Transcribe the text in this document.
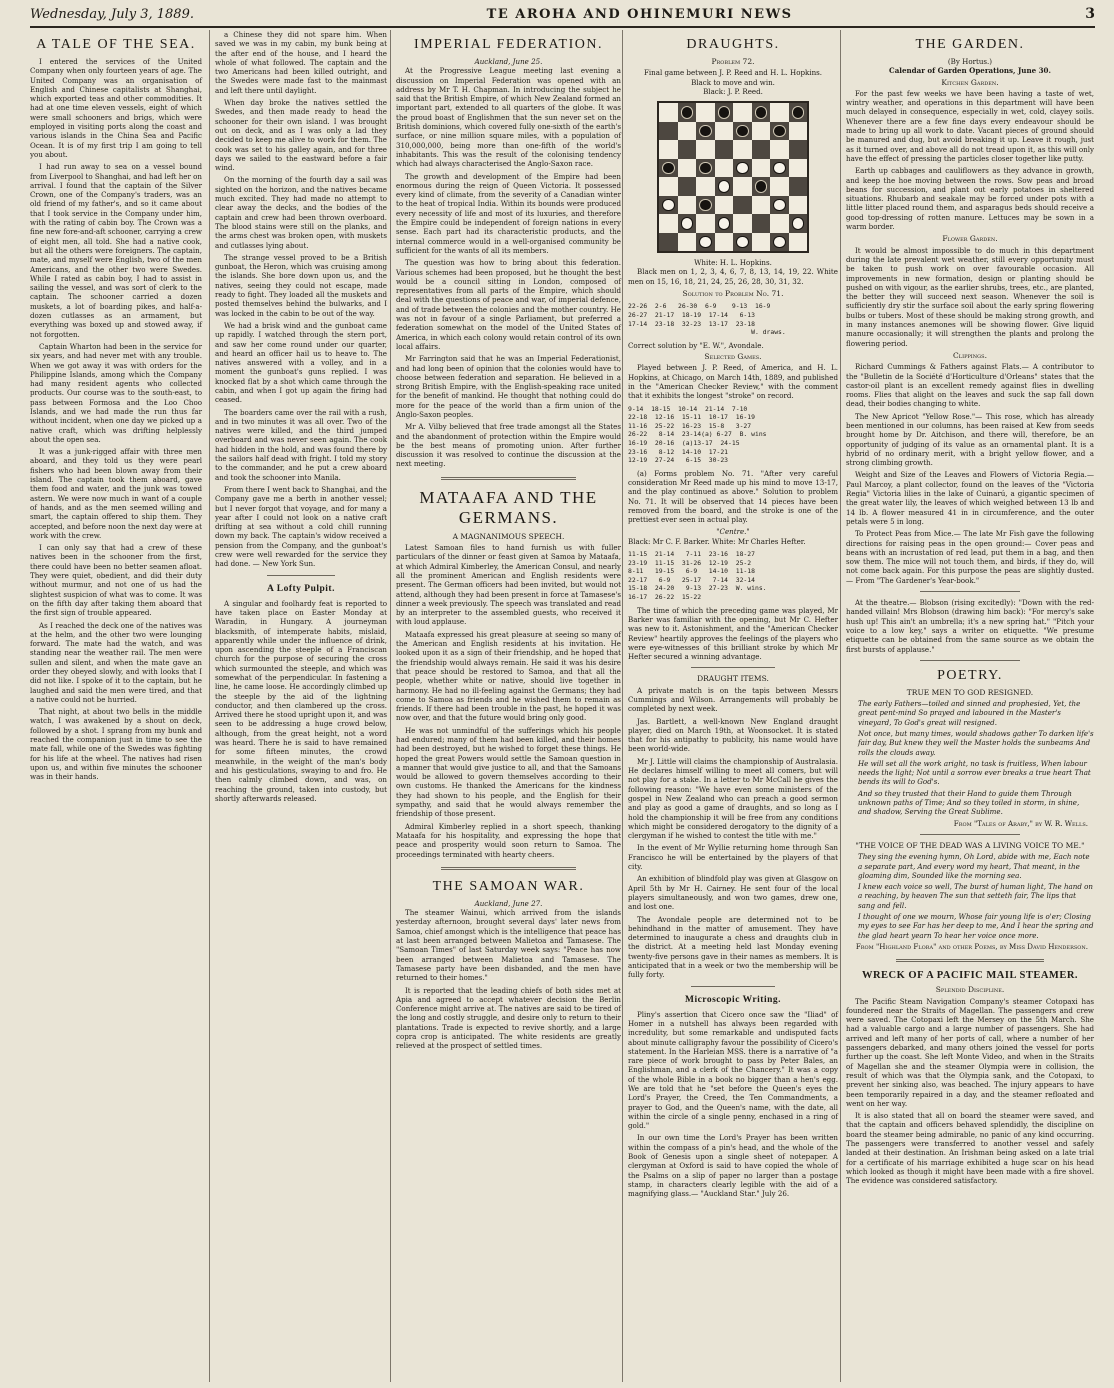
Wednesday, July 3, 1889.	TE AROHA AND OHINEMURI NEWS	3
A TALE OF THE SEA.

I entered the services of the United Company when only fourteen years of age. The United Company was an organisation of English and Chinese capitalists at Shanghai, which exported teas and other commodities. It had at one time eleven vessels, eight of which were small schooners and brigs, which were employed in visiting ports along the coast and various islands in the China Sea and Pacific Ocean. It is of my first trip I am going to tell you about.

I had run away to sea on a vessel bound from Liverpool to Shanghai, and had left her on arrival. I found that the captain of the Silver Crown, one of the Company's traders, was an old friend of my father's, and so it came about that I took service in the Company under him, with the rating of cabin boy. The Crown was a fine new fore-and-aft schooner, carrying a crew of eight men, all told. She had a native cook, but all the others were foreigners. The captain, mate, and myself were English, two of the men Americans, and the other two were Swedes. While I rated as cabin boy, I had to assist in sailing the vessel, and was sort of clerk to the captain. The schooner carried a dozen muskets, a lot of boarding pikes, and half-a-dozen cutlasses as an armament, but everything was boxed up and stowed away, if not forgotten.

Captain Wharton had been in the service for six years, and had never met with any trouble. When we got away it was with orders for the Philippine Islands, among which the Company had many resident agents who collected products. Our course was to the south-east, to pass between Formosa and the Loo Choo Islands, and we had made the run thus far without incident, when one day we picked up a native craft, which was drifting helplessly about the open sea.

It was a junk-rigged affair with three men aboard, and they told us they were pearl fishers who had been blown away from their island. The captain took them aboard, gave them food and water, and the junk was towed astern. We were now much in want of a couple of hands, and as the men seemed willing and smart, the captain offered to ship them. They accepted, and before noon the next day were at work with the crew.

I can only say that had a crew of these natives been in the schooner from the first, there could have been no better seamen afloat. They were quiet, obedient, and did their duty without murmur, and not one of us had the slightest suspicion of what was to come. It was on the fifth day after taking them aboard that the first sign of trouble appeared.

As I reached the deck one of the natives was at the helm, and the other two were lounging forward. The mate had the watch, and was standing near the weather rail. The men were sullen and silent, and when the mate gave an order they obeyed slowly, and with looks that I did not like. I spoke of it to the captain, but he laughed and said the men were tired, and that a native could not be hurried.

That night, at about two bells in the middle watch, I was awakened by a shout on deck, followed by a shot. I sprang from my bunk and reached the companion just in time to see the mate fall, while one of the Swedes was fighting for his life at the wheel. The natives had risen upon us, and within five minutes the schooner was in their hands.

a Chinese they did not spare him. When saved we was in my cabin, my bunk being at the after end of the house, and I heard the whole of what followed. The captain and the two Americans had been killed outright, and the Swedes were made fast to the mainmast and left there until daylight.

When day broke the natives settled the Swedes, and then made ready to head the schooner for their own island. I was brought out on deck, and as I was only a lad they decided to keep me alive to work for them. The cook was set to his galley again, and for three days we sailed to the eastward before a fair wind.

On the morning of the fourth day a sail was sighted on the horizon, and the natives became much excited. They had made no attempt to clear away the decks, and the bodies of the captain and crew had been thrown overboard. The blood stains were still on the planks, and the arms chest was broken open, with muskets and cutlasses lying about.

The strange vessel proved to be a British gunboat, the Heron, which was cruising among the islands. She bore down upon us, and the natives, seeing they could not escape, made ready to fight. They loaded all the muskets and posted themselves behind the bulwarks, and I was locked in the cabin to be out of the way.

We had a brisk wind and the gunboat came up rapidly. I watched through the stern port, and saw her come round under our quarter, and heard an officer hail us to heave to. The natives answered with a volley, and in a moment the gunboat's guns replied. I was knocked flat by a shot which came through the cabin, and when I got up again the firing had ceased.

The boarders came over the rail with a rush, and in two minutes it was all over. Two of the natives were killed, and the third jumped overboard and was never seen again. The cook had hidden in the hold, and was found there by the sailors half dead with fright. I told my story to the commander, and he put a crew aboard and took the schooner into Manila.

From there I went back to Shanghai, and the Company gave me a berth in another vessel; but I never forgot that voyage, and for many a year after I could not look on a native craft drifting at sea without a cold chill running down my back. The captain's widow received a pension from the Company, and the gunboat's crew were well rewarded for the service they had done. — New York Sun.

A Lofty Pulpit.

A singular and foolhardy feat is reported to have taken place on Easter Monday at Waradin, in Hungary. A journeyman blacksmith, of intemperate habits, mislaid, apparently while under the influence of drink, upon ascending the steeple of a Franciscan church for the purpose of securing the cross which surmounted the steeple, and which was somewhat of the perpendicular. In fastening a line, he came loose. He accordingly climbed up the steeple by the aid of the lightning conductor, and then clambered up the cross. Arrived there he stood upright upon it, and was seen to be addressing a huge crowd below, although, from the great height, not a word was heard. There he is said to have remained for some fifteen minutes, the crowd meanwhile, in the weight of the man's body and his gesticulations, swaying to and fro. He then calmly climbed down, and was, on reaching the ground, taken into custody, but shortly afterwards released.

IMPERIAL FEDERATION.
Auckland, June 25.

At the Progressive League meeting last evening a discussion on Imperial Federation was opened with an address by Mr T. H. Chapman. In introducing the subject he said that the British Empire, of which New Zealand formed an important part, extended to all quarters of the globe. It was the proud boast of Englishmen that the sun never set on the British dominions, which covered fully one-sixth of the earth's surface, or nine million square miles, with a population of 310,000,000, being more than one-fifth of the world's inhabitants. This was the result of the colonising tendency which had always characterised the Anglo-Saxon race.

The growth and development of the Empire had been enormous during the reign of Queen Victoria. It possessed every kind of climate, from the severity of a Canadian winter to the heat of tropical India. Within its bounds were produced every necessity of life and most of its luxuries, and therefore the Empire could be independent of foreign nations in every sense. Each part had its characteristic products, and the internal commerce would in a well-organised community be sufficient for the wants of all its members.

The question was how to bring about this federation. Various schemes had been proposed, but he thought the best would be a council sitting in London, composed of representatives from all parts of the Empire, which should deal with the questions of peace and war, of imperial defence, and of trade between the colonies and the mother country. He was not in favour of a single Parliament, but preferred a federation somewhat on the model of the United States of America, in which each colony would retain control of its own local affairs.

Mr Farrington said that he was an Imperial Federationist, and had long been of opinion that the colonies would have to choose between federation and separation. He believed in a strong British Empire, with the English-speaking race united for the benefit of mankind. He thought that nothing could do more for the peace of the world than a firm union of the Anglo-Saxon peoples.

Mr A. Vilby believed that free trade amongst all the States and the abandonment of protection within the Empire would be the best means of promoting union. After further discussion it was resolved to continue the discussion at the next meeting.

MATAAFA AND THE GERMANS.
A MAGNANIMOUS SPEECH.

Latest Samoan files to hand furnish us with fuller particulars of the dinner or feast given at Samoa by Mataafa, at which Admiral Kimberley, the American Consul, and nearly all the prominent American and English residents were present. The German officers had been invited, but would not attend, although they had been present in force at Tamasese's dinner a week previously. The speech was translated and read by an interpreter to the assembled guests, who received it with loud applause.

Mataafa expressed his great pleasure at seeing so many of the American and English residents at his invitation. He looked upon it as a sign of their friendship, and he hoped that the friendship would always remain. He said it was his desire that peace should be restored to Samoa, and that all the people, whether white or native, should live together in harmony. He had no ill-feeling against the Germans; they had come to Samoa as friends and he wished them to remain as friends. If there had been trouble in the past, he hoped it was now over, and that the future would bring only good.

He was not unmindful of the sufferings which his people had endured; many of them had been killed, and their homes had been destroyed, but he wished to forget these things. He hoped the great Powers would settle the Samoan question in a manner that would give justice to all, and that the Samoans would be allowed to govern themselves according to their own customs. He thanked the Americans for the kindness they had shown to his people, and the English for their sympathy, and said that he would always remember the friendship of those present.

Admiral Kimberley replied in a short speech, thanking Mataafa for his hospitality, and expressing the hope that peace and prosperity would soon return to Samoa. The proceedings terminated with hearty cheers.

THE SAMOAN WAR.
Auckland, June 27.

The steamer Wainui, which arrived from the islands yesterday afternoon, brought several days' later news from Samoa, chief amongst which is the intelligence that peace has at last been arranged between Malietoa and Tamasese. The "Samoan Times" of last Saturday week says: "Peace has now been arranged between Malietoa and Tamasese. The Tamasese party have been disbanded, and the men have returned to their homes."

It is reported that the leading chiefs of both sides met at Apia and agreed to accept whatever decision the Berlin Conference might arrive at. The natives are said to be tired of the long and costly struggle, and desire only to return to their plantations. Trade is expected to revive shortly, and a large copra crop is anticipated. The white residents are greatly relieved at the prospect of settled times.

DRAUGHTS.
Problem 72.
Final game between J. P. Reed and H. L. Hopkins.
Black to move and win.
Black: J. P. Reed.
White: H. L. Hopkins.

Black men on 1, 2, 3, 4, 6, 7, 8, 13, 14, 19, 22. White men on 15, 16, 18, 21, 24, 25, 26, 28, 30, 31, 32.

Solution to Problem No. 71.
22-26  2-6   26-30  6-9    9-13  16-9
26-27  21-17  18-19  17-14   6-13
17-14  23-18  32-23  13-17  23-18
W. draws.
Correct solution by "E. W.", Avondale.
Selected Games.

Played between J. P. Reed, of America, and H. L. Hopkins, at Chicago, on March 14th, 1889, and published in the "American Checker Review," with the comment that it exhibits the longest "stroke" on record.

9-14  18-15  10-14  21-14  7-10
22-18  12-16  15-11  10-17  16-19
11-16  25-22  16-23  15-8   3-27
26-22   8-14  23-14(a) 6-27  B. wins
16-19  20-16  (a)13-17  24-15
23-16   8-12  14-10  17-21
12-19  27-24   6-15  30-23

(a) Forms problem No. 71. "After very careful consideration Mr Reed made up his mind to move 13-17, and the play continued as above." Solution to problem No. 71. It will be observed that 14 pieces have been removed from the board, and the stroke is one of the prettiest ever seen in actual play.

"Centre."
Black: Mr C. F. Barker. White: Mr Charles Hefter.
11-15  21-14   7-11  23-16  18-27
23-19  11-15  31-26  12-19  25-2
8-11   19-15   6-9   14-10  11-18
22-17   6-9   25-17   7-14  32-14
15-18  24-20   9-13  27-23  W. wins.
16-17  26-22  15-22

The time of which the preceding game was played, Mr Barker was familiar with the opening, but Mr C. Hefter was new to it. Astonishment, and the "American Checker Review" heartily approves the feelings of the players who were eye-witnesses of this brilliant stroke by which Mr Hefter secured a winning advantage.

DRAUGHT ITEMS.

A private match is on the tapis between Messrs Cummings and Wilson. Arrangements will probably be completed by next week.

Jas. Bartlett, a well-known New England draught player, died on March 19th, at Woonsocket. It is stated that for his antipathy to publicity, his name would have been world-wide.

Mr J. Little will claims the championship of Australasia. He declares himself willing to meet all comers, but will not play for a stake. In a letter to Mr McCall he gives the following reason: "We have even some ministers of the gospel in New Zealand who can preach a good sermon and play as good a game of draughts, and so long as I hold the championship it will be free from any conditions which might be considered derogatory to the dignity of a clergyman if he wished to contest the title with me."

In the event of Mr Wyllie returning home through San Francisco he will be entertained by the players of that city.

An exhibition of blindfold play was given at Glasgow on April 5th by Mr H. Cairney. He sent four of the local players simultaneously, and won two games, drew one, and lost one.

The Avondale people are determined not to be behindhand in the matter of amusement. They have determined to inaugurate a chess and draughts club in the district. At a meeting held last Monday evening twenty-five persons gave in their names as members. It is anticipated that in a week or two the membership will be fully forty.

Microscopic Writing.

Pliny's assertion that Cicero once saw the "Iliad" of Homer in a nutshell has always been regarded with incredulity, but some remarkable and undisputed facts about minute calligraphy favour the possibility of Cicero's statement. In the Harleian MSS. there is a narrative of "a rare piece of work brought to pass by Peter Bales, an Englishman, and a clerk of the Chancery." It was a copy of the whole Bible in a book no bigger than a hen's egg. We are told that he "set before the Queen's eyes the Lord's Prayer, the Creed, the Ten Commandments, a prayer to God, and the Queen's name, with the date, all within the circle of a single penny, enchased in a ring of gold."

In our own time the Lord's Prayer has been written within the compass of a pin's head, and the whole of the Book of Genesis upon a single sheet of notepaper. A clergyman at Oxford is said to have copied the whole of the Psalms on a slip of paper no larger than a postage stamp, in characters clearly legible with the aid of a magnifying glass.— "Auckland Star." July 26.

THE GARDEN.
(By Hortus.)
Calendar of Garden Operations, June 30.
Kitchen Garden.

For the past few weeks we have been having a taste of wet, wintry weather, and operations in this department will have been much delayed in consequence, especially in wet, cold, clayey soils. Whenever there are a few fine days every endeavour should be made to bring up all work to date. Vacant pieces of ground should be manured and dug, but avoid breaking it up. Leave it rough, just as it turned over, and above all do not tread upon it, as this will only have the effect of pressing the particles closer together like putty.

Earth up cabbages and cauliflowers as they advance in growth, and keep the hoe moving between the rows. Sow peas and broad beans for succession, and plant out early potatoes in sheltered situations. Rhubarb and seakale may be forced under pots with a little litter placed round them, and asparagus beds should receive a good top-dressing of rotten manure. Lettuces may be sown in a warm border.

Flower Garden.

It would be almost impossible to do much in this department during the late prevalent wet weather, still every opportunity must be taken to push work on over favourable occasion. All improvements in new formation, design or planting should be pushed on with vigour, as the earlier shrubs, trees, etc., are planted, the better they will succeed next season. Whenever the soil is sufficiently dry stir the surface soil about the early spring flowering bulbs or tubers. Most of these should be making strong growth, and in many instances anemones will be showing flower. Give liquid manure occasionally; it will strengthen the plants and prolong the flowering period.

Clippings.

Richard Cummings & Fathers against Flats.— A contributor to the "Bulletin de la Société d'Horticulture d'Orleans" states that the castor-oil plant is an excellent remedy against flies in dwelling rooms. Flies that alight on the leaves and suck the sap fall down dead, their bodies changing to white.

The New Apricot "Yellow Rose."— This rose, which has already been mentioned in our columns, has been raised at Kew from seeds brought home by Dr. Aitchison, and there will, therefore, be an opportunity of judging of its value as an ornamental plant. It is a hybrid of no ordinary merit, with a bright yellow flower, and a strong climbing growth.

Weight and Size of the Leaves and Flowers of Victoria Regia.— Paul Marcoy, a plant collector, found on the leaves of the "Victoria Regia" Victoria lilies in the lake of Cuinarú, a gigantic specimen of the great water lily, the leaves of which weighed between 13 lb and 14 lb. A flower measured 41 in in circumference, and the outer petals were 5 in long.

To Protect Peas from Mice.— The late Mr Fish gave the following directions for raising peas in the open ground:— Cover peas and beans with an incrustation of red lead, put them in a bag, and then sow them. The mice will not touch them, and birds, if they do, will not come back again. For this purpose the peas are slightly dusted.— From "The Gardener's Year-book."

At the theatre.— Blobson (rising excitedly): "Down with the red-handed villain! Mrs Blobson (drawing him back): "For mercy's sake hush up! This ain't an umbrella; it's a new spring hat." "Pitch your voice to a low key," says a writer on etiquette. "We presume etiquette can be obtained from the same source as we obtain the first bursts of applause."

POETRY.
TRUE MEN TO GOD RESIGNED.
The early Fathers—toiled and sinned and prophesied, Yet, the great pent-mind So prayed and laboured in the Master's vineyard, To God's great will resigned.
Not once, but many times, would shadows gather To darken life's fair day, But knew they well the Master holds the sunbeams And rolls the clouds away.
He will set all the work aright, no task is fruitless, When labour needs the light; Not until a sorrow ever breaks a true heart That bends its will to God's.
And so they trusted that their Hand to guide them Through unknown paths of Time; And so they toiled in storm, in shine, and shadow, Serving the Great Sublime.
From "Tales of Araby," by W. R. Wells.
"THE VOICE OF THE DEAD WAS A LIVING VOICE TO ME."
They sing the evening hymn, Oh Lord, abide with me, Each note a separate part, And every word my heart, That meant, in the gloaming dim, Sounded like the morning sea.
I knew each voice so well, The burst of human light, The hand on a reaching, by heaven The sun that setteth fair, The lips that sang and fell.
I thought of one we mourn, Whose fair young life is o'er; Closing my eyes to see Far has her deep to me, And I hear the spring and the glad heart yearn To hear her voice once more.
From "Highland Flora" and other Poems, by Miss David Henderson.
WRECK OF A PACIFIC MAIL STEAMER.
Splendid Discipline.

The Pacific Steam Navigation Company's steamer Cotopaxi has foundered near the Straits of Magellan. The passengers and crew were saved. The Cotopaxi left the Mersey on the 5th March. She had a valuable cargo and a large number of passengers. She had arrived and left many of her ports of call, where a number of her passengers debarked, and many others joined the vessel for ports further up the coast. She left Monte Video, and when in the Straits of Magellan she and the steamer Olympia were in collision, the result of which was that the Olympia sank, and the Cotopaxi, to prevent her sinking also, was beached. The injury appears to have been temporarily repaired in a day, and the steamer refloated and went on her way.

It is also stated that all on board the steamer were saved, and that the captain and officers behaved splendidly, the discipline on board the steamer being admirable, no panic of any kind occurring. The passengers were transferred to another vessel and safely landed at their destination. An Irishman being asked on a late trial for a certificate of his marriage exhibited a huge scar on his head which looked as though it might have been made with a fire shovel. The evidence was considered satisfactory.
